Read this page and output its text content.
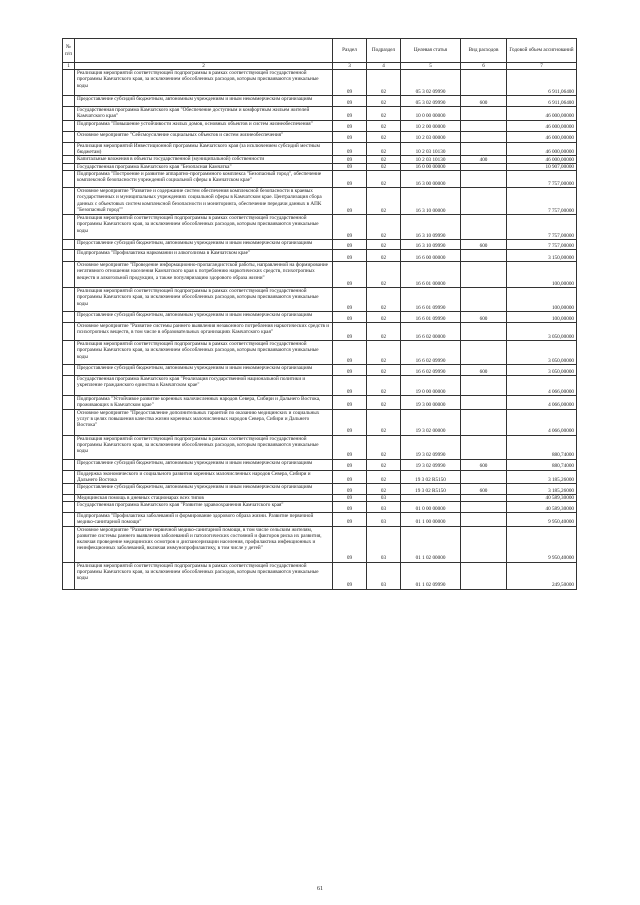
№ п/п		Раздел	Подраздел	Целевая статья	Вид расходов	Годовой объем ассигнований
1	2	3	4	5	6	7
	Реализация мероприятий соответствующей подпрограммы в рамках соответствующей государственной программы Камчатского края, за исключением обособленных расходов, которым присваиваются уникальные коды	09	02	05 3 02 09990		6 911,06400
	Предоставление субсидий бюджетным, автономным учреждениям и иным некоммерческим организациям	09	02	05 3 02 09990	600	6 911,06400
	Государственная программа Камчатского края "Обеспечение доступным и комфортным жильем жителей Камчатского края"	09	02	10 0 00 00000		46 000,00000
	Подпрограмма "Повышение устойчивости жилых домов, основных объектов и систем жизнеобеспечения"	09	02	10 2 00 00000		46 000,00000
	Основное мероприятие "Сейсмоусиление социальных объектов и систем жизнеобеспечения"	09	02	10 2 03 00000		46 000,00000
	Реализация мероприятий Инвестиционной программы Камчатского края (за исключением субсидий местным бюджетам)	09	02	10 2 03 10130		46 000,00000
	Капитальные вложения в объекты государственной (муниципальной) собственности	09	02	10 2 03 10130	400	46 000,00000
	Государственная программа Камчатского края "Безопасная Камчатка"	09	02	16 0 00 00000		10 907,00000
	Подпрограмма "Построение и развитие аппаратно-программного комплекса "Безопасный город", обеспечение комплексной безопасности учреждений социальной сферы в Камчатском крае"	09	02	16 3 00 00000		7 757,00000
	Основное мероприятие "Развитие и содержание систем обеспечения комплексной безопасности в краевых государственных и муниципальных учреждениях социальной сферы в Камчатском крае. Централизация сбора данных с объектовых систем комплексной безопасности и мониторинга, обеспечение передачи данных в АПК "Безопасный город""	09	02	16 3 10 00000		7 757,00000
	Реализация мероприятий соответствующей подпрограммы в рамках соответствующей государственной программы Камчатского края, за исключением обособленных расходов, которым присваиваются уникальные коды	09	02	16 3 10 09990		7 757,00000
	Предоставление субсидий бюджетным, автономным учреждениям и иным некоммерческим организациям	09	02	16 3 10 09990	600	7 757,00000
	Подпрограмма "Профилактика наркомании и алкоголизма в Камчатском крае"	09	02	16 6 00 00000		3 150,00000
	Основное мероприятие "Проведение информационно-пропагандистской работы, направленной на формирование негативного отношения населения Камчатского края к потреблению наркотических средств, психотропных веществ и алкогольной продукции, а также популяризацию здорового образа жизни"	09	02	16 6 01 00000		100,00000
	Реализация мероприятий соответствующей подпрограммы в рамках соответствующей государственной программы Камчатского края, за исключением обособленных расходов, которым присваиваются уникальные коды	09	02	16 6 01 09990		100,00000
	Предоставление субсидий бюджетным, автономным учреждениям и иным некоммерческим организациям	09	02	16 6 01 09990	600	100,00000
	Основное мероприятие "Развитие системы раннего выявления незаконного потребления наркотических средств и психотропных веществ, в том числе в образовательных организациях Камчатского края"	09	02	16 6 02 00000		3 050,00000
	Реализация мероприятий соответствующей подпрограммы в рамках соответствующей государственной программы Камчатского края, за исключением обособленных расходов, которым присваиваются уникальные коды	09	02	16 6 02 09990		3 050,00000
	Предоставление субсидий бюджетным, автономным учреждениям и иным некоммерческим организациям	09	02	16 6 02 09990	600	3 050,00000
	Государственная программа Камчатского края "Реализация государственной национальной политики и укрепление гражданского единства в Камчатском крае"	09	02	19 0 00 00000		4 066,00000
	Подпрограмма "Устойчивое развитие коренных малочисленных народов Севера, Сибири и Дальнего Востока, проживающих в Камчатском крае"	09	02	19 3 00 00000		4 066,00000
	Основное мероприятие "Предоставление дополнительных гарантий по оказанию медицинских и социальных услуг в целях повышения качества жизни коренных малочисленных народов Севера, Сибири и Дальнего Востока"	09	02	19 3 02 00000		4 066,00000
	Реализация мероприятий соответствующей подпрограммы в рамках соответствующей государственной программы Камчатского края, за исключением обособленных расходов, которым присваиваются уникальные коды	09	02	19 3 02 09990		880,74000
	Предоставление субсидий бюджетным, автономным учреждениям и иным некоммерческим организациям	09	02	19 3 02 09990	600	880,74000
	Поддержка экономического и социального развития коренных малочисленных народов Севера, Сибири и Дальнего Востока	09	02	19 3 02 R5150		3 185,26000
	Предоставление субсидий бюджетным, автономным учреждениям и иным некоммерческим организациям	09	02	19 3 02 R5150	600	3 185,26000
	Медицинская помощь в дневных стационарах всех типов	09	03			40 589,30000
	Государственная программа Камчатского края "Развитие здравоохранения Камчатского края"	09	03	01 0 00 00000		40 589,30000
	Подпрограмма "Профилактика заболеваний и формирование здорового образа жизни. Развитие первичной медико-санитарной помощи"	09	03	01 1 00 00000		9 950,40000
	Основное мероприятие "Развитие первичной медико-санитарной помощи, в том числе сельским жителям, развитие системы раннего выявления заболеваний и патологических состояний и факторов риска их развития, включая проведение медицинских осмотров и диспансеризации населения, профилактика инфекционных и неинфекционных заболеваний, включая иммунопрофилактику, в том числе у детей"	09	03	01 1 02 00000		9 950,40000
	Реализация мероприятий соответствующей подпрограммы в рамках соответствующей государственной программы Камчатского края, за исключением обособленных расходов, которым присваиваются уникальные коды	09	03	01 1 02 09990		249,50000
61
